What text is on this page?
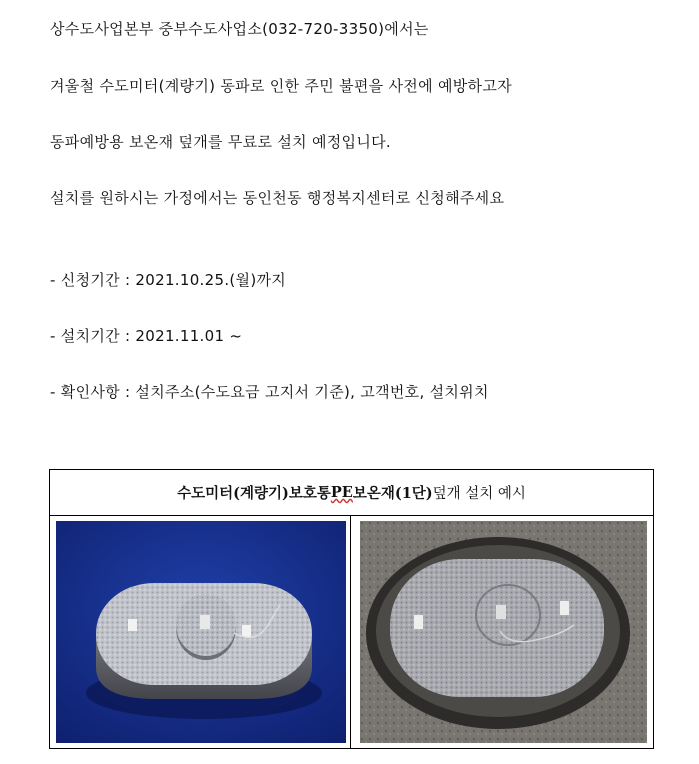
상수도사업본부 중부수도사업소(032-720-3350)에서는
겨울철 수도미터(계량기) 동파로 인한 주민 불편을 사전에 예방하고자
동파예방용 보온재 덮개를 무료로 설치 예정입니다.
설치를 원하시는 가정에서는 동인천동 행정복지센터로 신청해주세요
- 신청기간 : 2021.10.25.(월)까지
- 설치기간 : 2021.11.01 ~
- 확인사항 : 설치주소(수도요금 고지서 기준), 고객번호, 설치위치
수도미터(계량기)보호통 PE 보온재(1단) 덮개 설치 예시
